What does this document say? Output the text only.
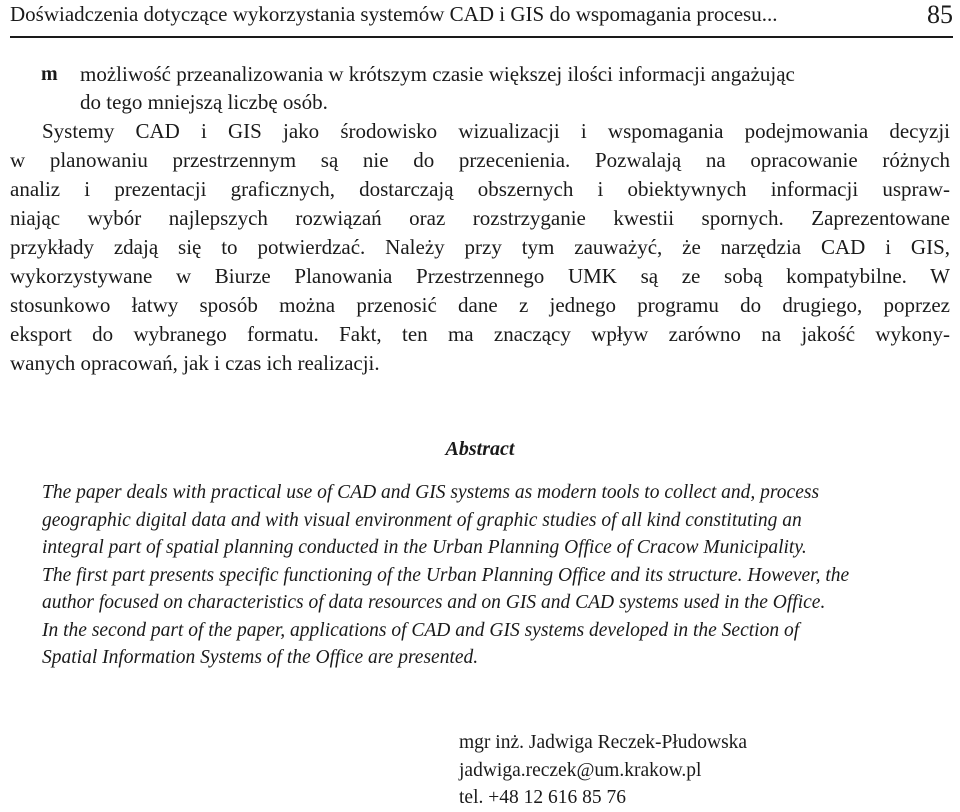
Doświadczenia dotyczące wykorzystania systemów CAD i GIS do wspomagania procesu...	85
m możliwość przeanalizowania w krótszym czasie większej ilości informacji angażując
do tego mniejszą liczbę osób.
Systemy CAD i GIS jako środowisko wizualizacji i wspomagania podejmowania decyzji
w planowaniu przestrzennym są nie do przecenienia. Pozwalają na opracowanie różnych
analiz i prezentacji graficznych, dostarczają obszernych i obiektywnych informacji uspraw-
niając wybór najlepszych rozwiązań oraz rozstrzyganie kwestii spornych. Zaprezentowane
przykłady zdają się to potwierdzać. Należy przy tym zauważyć, że narzędzia CAD i GIS,
wykorzystywane w Biurze Planowania Przestrzennego UMK są ze sobą kompatybilne. W
stosunkowo łatwy sposób można przenosić dane z jednego programu do drugiego, poprzez
eksport do wybranego formatu. Fakt, ten ma znaczący wpływ zarówno na jakość wykony-
wanych opracowań, jak i czas ich realizacji.
Abstract
The paper deals with practical use of CAD and GIS systems as modern tools to collect and, process
geographic digital data and with visual environment of graphic studies of all kind constituting an
integral part of spatial planning conducted in the Urban Planning Office of Cracow Municipality.
The first part presents specific functioning of the Urban Planning Office and its structure. However, the
author focused on characteristics of data resources and on GIS and CAD systems used in the Office.
In the second part of the paper, applications of CAD and GIS systems developed in the Section of
Spatial Information Systems of the Office are presented.
mgr inż. Jadwiga Reczek-Płudowska
jadwiga.reczek@um.krakow.pl
tel. +48 12 616 85 76
